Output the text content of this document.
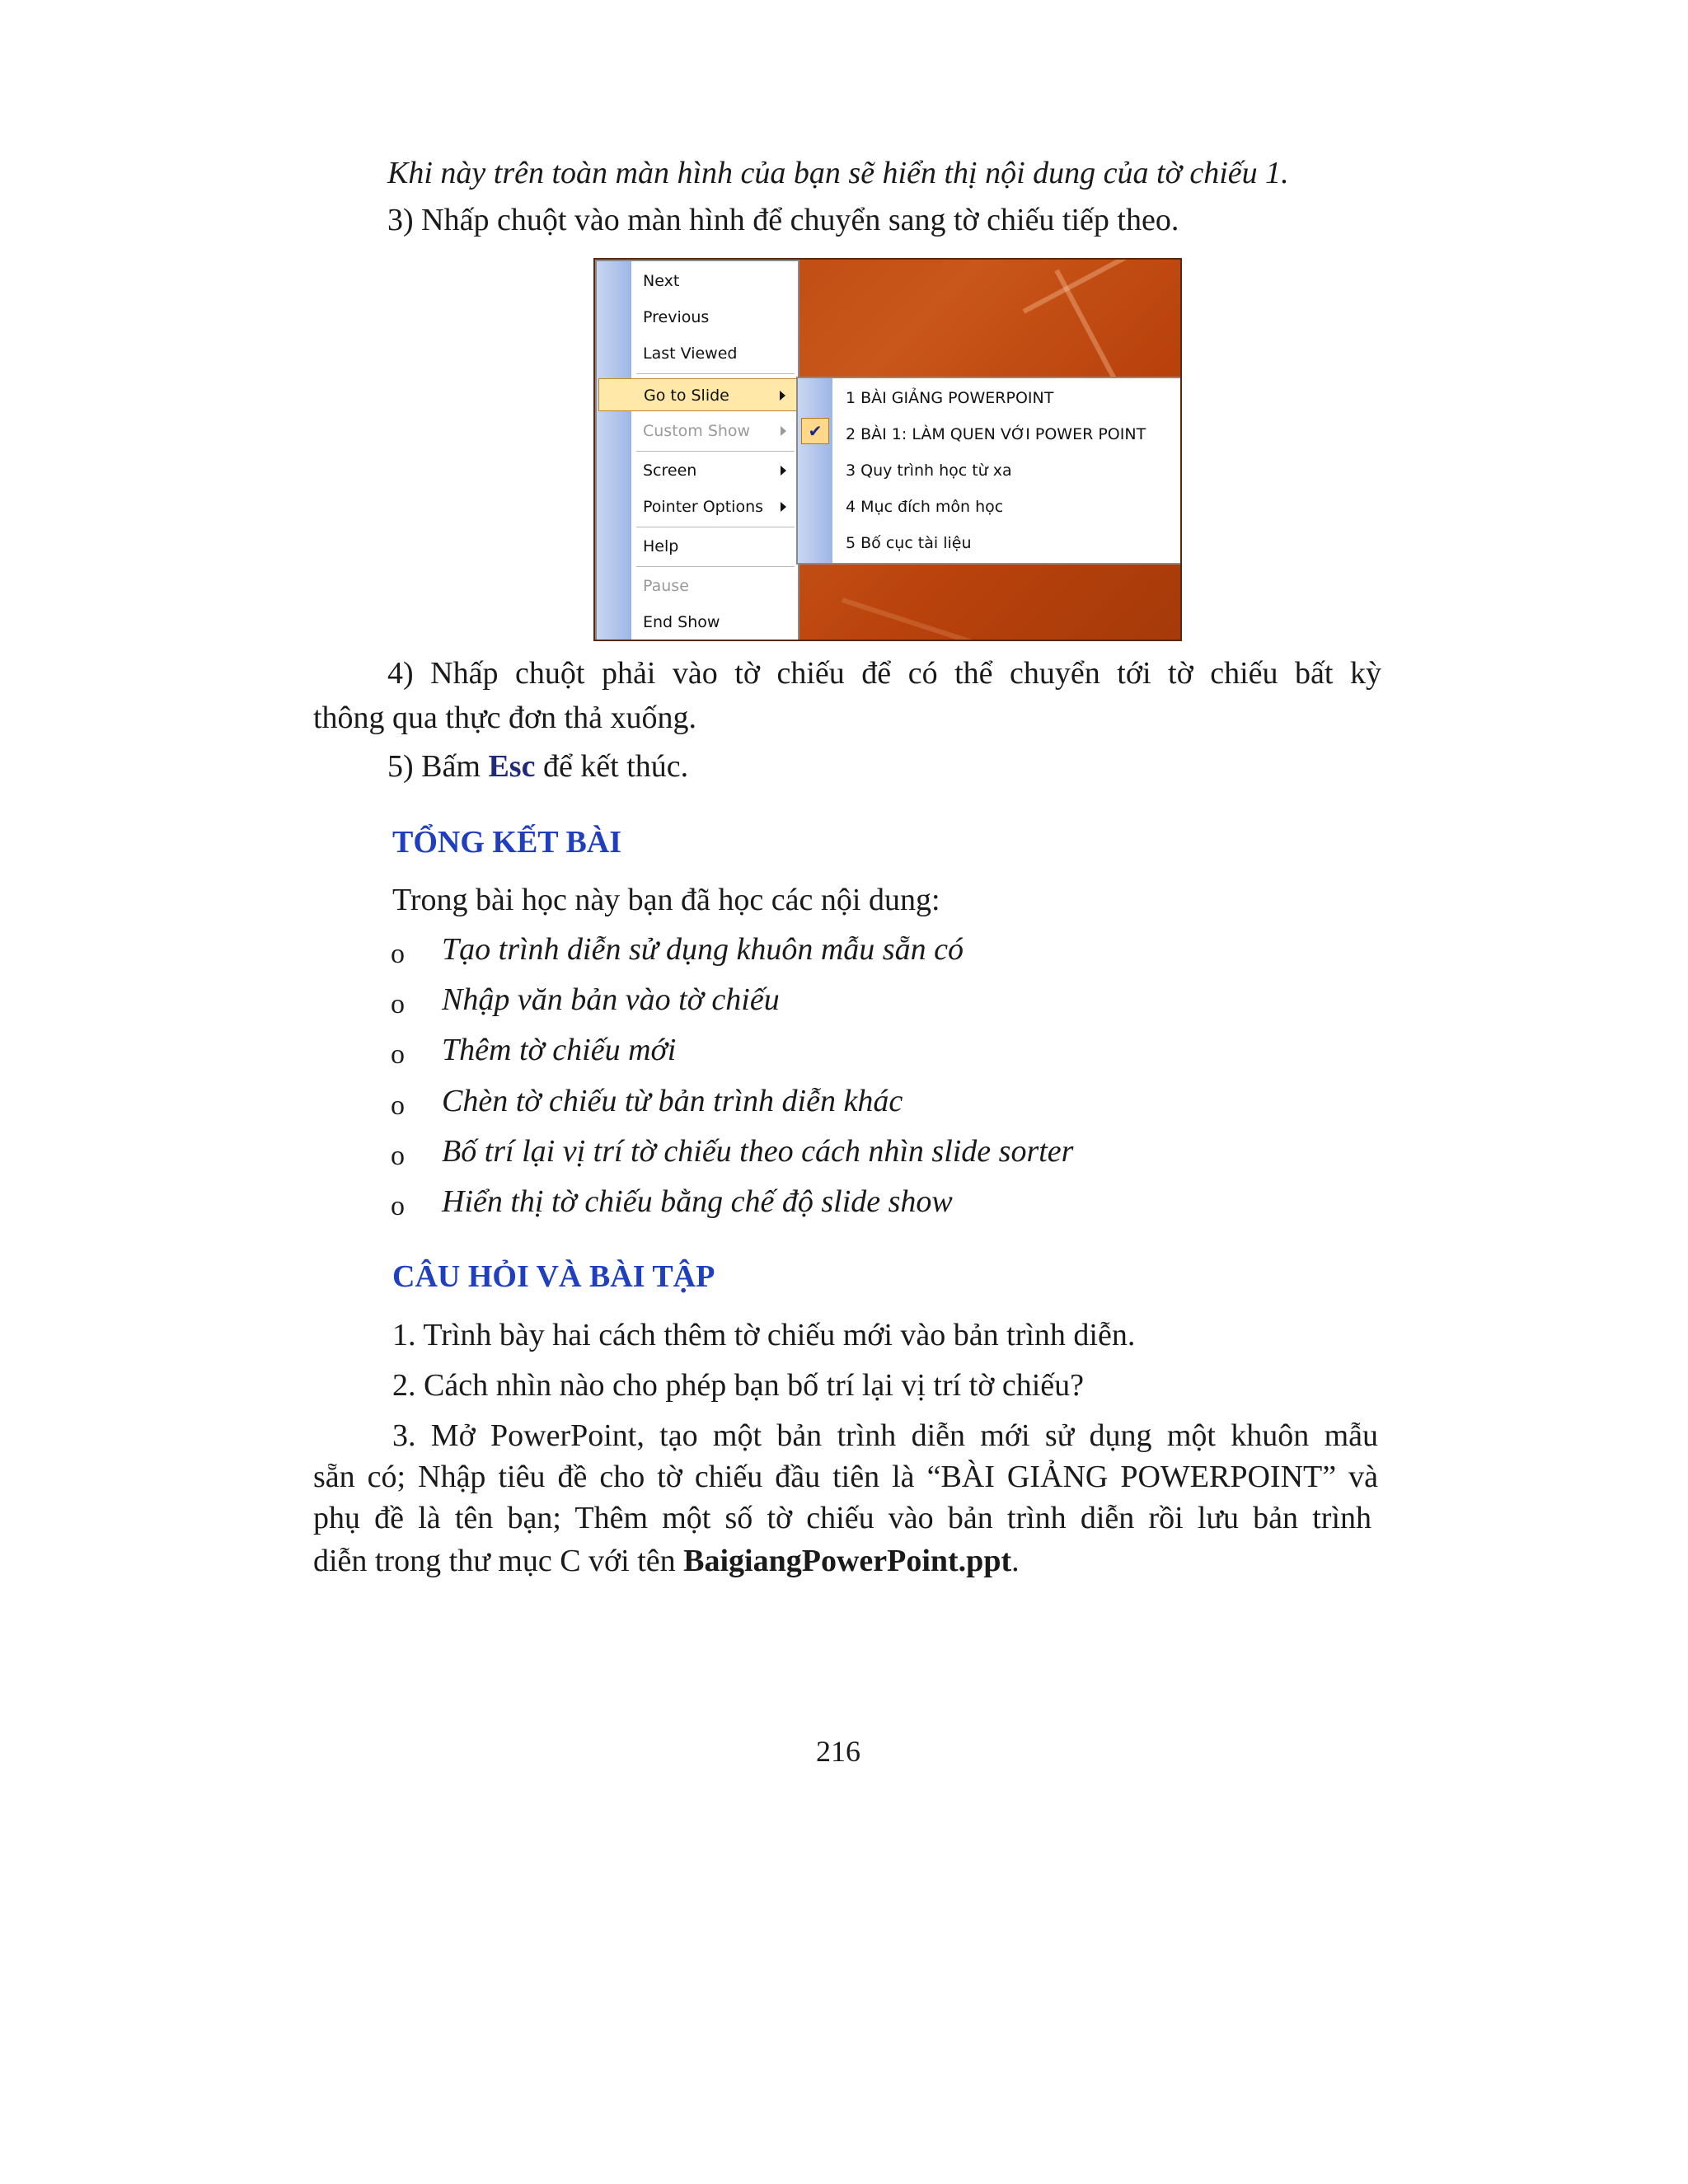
Khi này trên toàn màn hình của bạn sẽ hiển thị nội dung của tờ chiếu 1.
3) Nhấp chuột vào màn hình để chuyển sang tờ chiếu tiếp theo.
Next
Previous
Last Viewed
Go to Slide
Custom Show
Screen
Pointer Options
Help
Pause
End Show
1 BÀI GIẢNG POWERPOINT
✔	2 BÀI 1: LÀM QUEN VỚI POWER POINT
3 Quy trình học từ xa
4 Mục đích môn học
5 Bố cục tài liệu
4) Nhấp chuột phải vào tờ chiếu để có thể chuyển tới tờ chiếu bất kỳ
thông qua thực đơn thả xuống.
5) Bấm Esc để kết thúc.
TỔNG KẾT BÀI
Trong bài học này bạn đã học các nội dung:
o Tạo trình diễn sử dụng khuôn mẫu sẵn có
o Nhập văn bản vào tờ chiếu
o Thêm tờ chiếu mới
o Chèn tờ chiếu từ bản trình diễn khác
o Bố trí lại vị trí tờ chiếu theo cách nhìn slide sorter
o Hiển thị tờ chiếu bằng chế độ slide show
CÂU HỎI VÀ BÀI TẬP
1. Trình bày hai cách thêm tờ chiếu mới vào bản trình diễn.
2. Cách nhìn nào cho phép bạn bố trí lại vị trí tờ chiếu?
3. Mở PowerPoint, tạo một bản trình diễn mới sử dụng một khuôn mẫu
sẵn có; Nhập tiêu đề cho tờ chiếu đầu tiên là “BÀI GIẢNG POWERPOINT” và
phụ đề là tên bạn; Thêm một số tờ chiếu vào bản trình diễn rồi lưu bản trình
diễn trong thư mục C với tên BaigiangPowerPoint.ppt.
216
